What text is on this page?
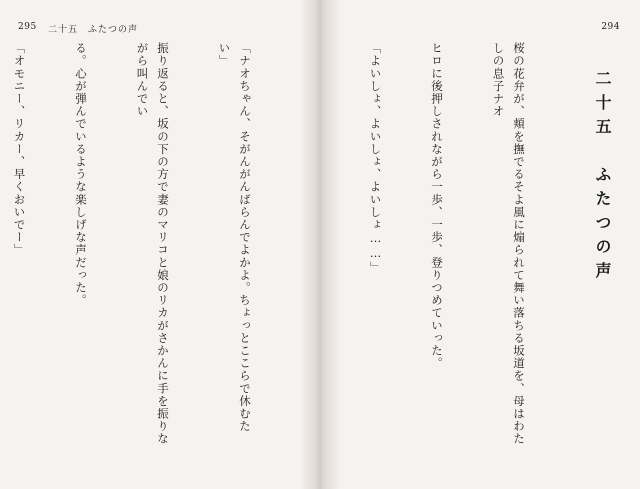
295 二十五　ふたつの声

「ナオちゃん、そがんがんばらんでよかよ。ちょっとここらで休むたい」

振り返ると、坂の下の方で妻のマリコと娘のリカがさかんに手を振りながら叫んでい

る。心が弾んでいるような楽しげな声だった。

「オモニー、リカー、早くおいでー」

294
二十五　ふたつの声

桜の花弁が、頬を撫でるそよ風に煽られて舞い落ちる坂道を、母はわたしの息子ナオ

ヒロに後押しされながら一歩、一歩、登りつめていった。

「よいしょ、よいしょ、よいしょ……」
